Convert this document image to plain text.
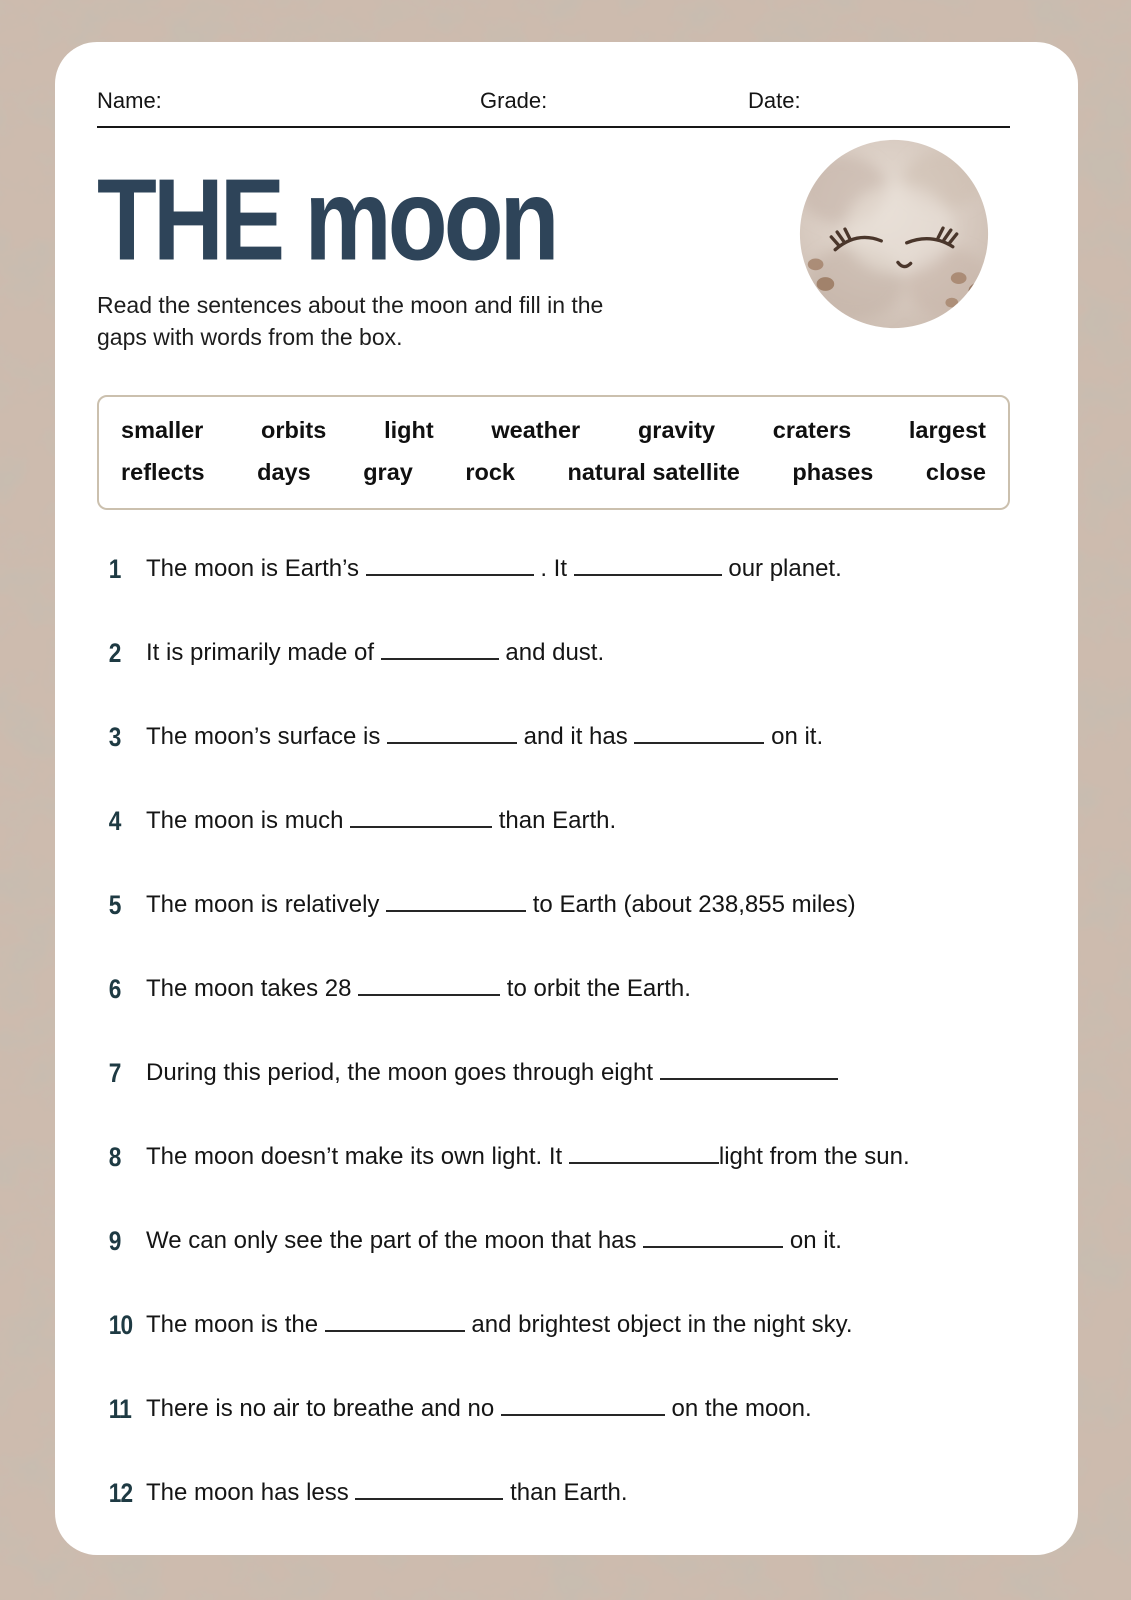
Name:	Grade:	Date:
THE moon
Read the sentences about the moon and fill in the gaps with words from the box.
smaller orbits light weather gravity craters largest
reflects days gray rock natural satellite phases close
1	The moon is Earth’s	. It	our planet.
2	It is primarily made of	and dust.
3	The moon’s surface is	and it has	on it.
4	The moon is much	than Earth.
5	The moon is relatively	to Earth (about 238,855 miles)
6	The moon takes 28	to orbit the Earth.
7	During this period, the moon goes through eight
8	The moon doesn’t make its own light. It	light from the sun.
9	We can only see the part of the moon that has	on it.
10 The moon is the	and brightest object in the night sky.
11 There is no air to breathe and no	on the moon.
12 The moon has less	than Earth.
